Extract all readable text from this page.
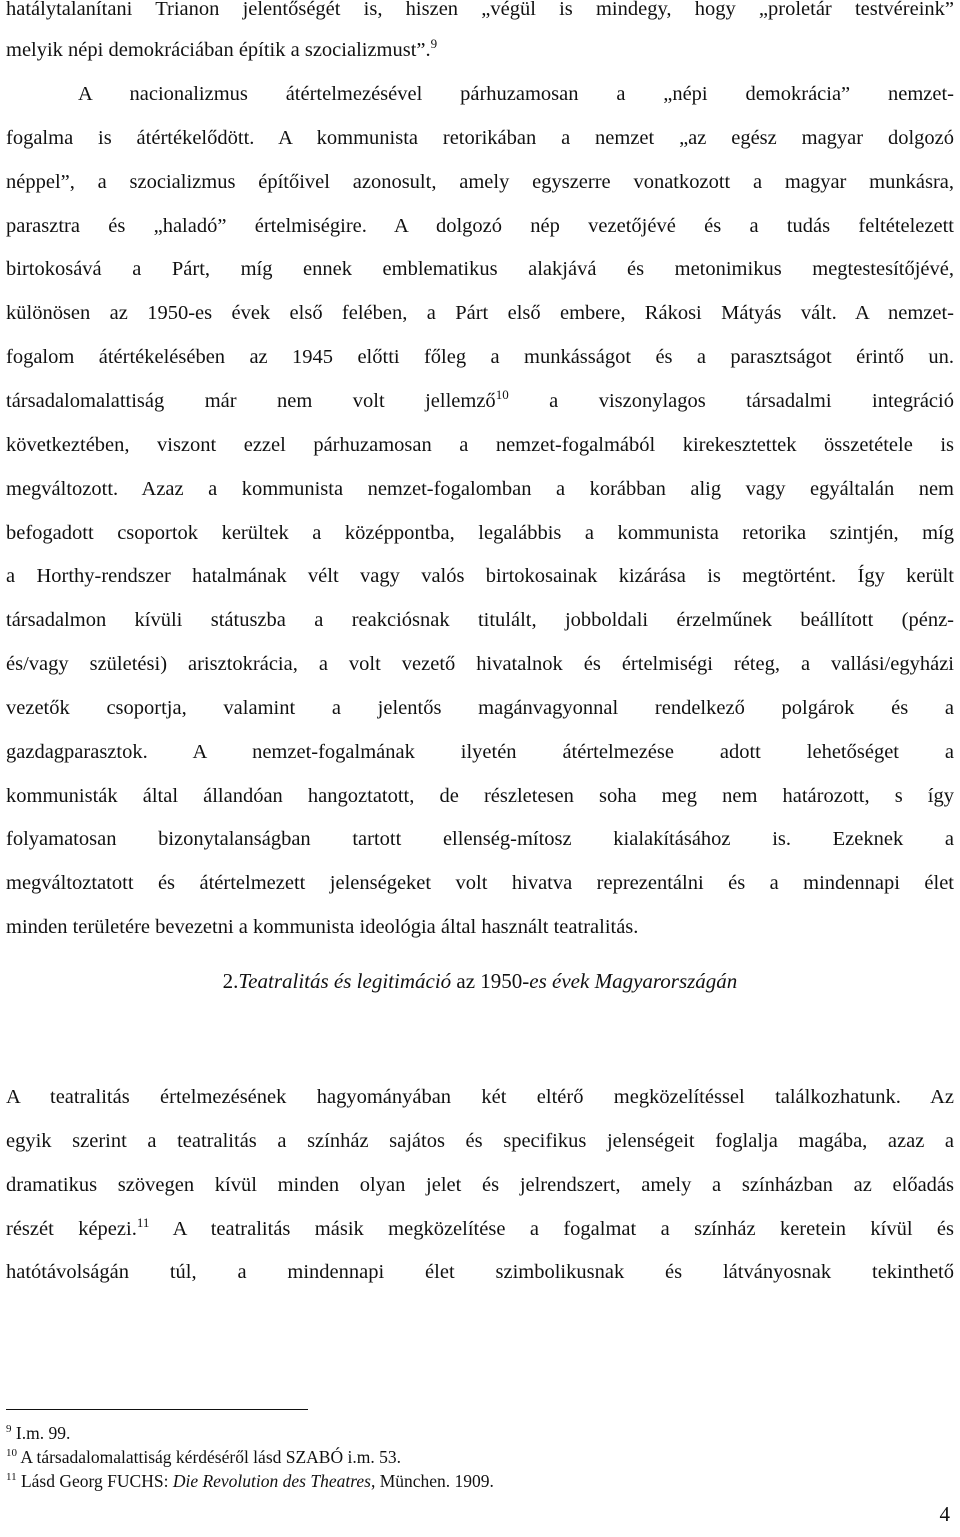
hatálytalanítani Trianon jelentőségét is, hiszen „végül is mindegy, hogy „proletár testvéreink”
melyik népi demokráciában építik a szocializmust”.$^9$
A nacionalizmus átértelmezésével párhuzamosan a „népi demokrácia” nemzet-
fogalma is átértékelődött. A kommunista retorikában a nemzet „az egész magyar dolgozó
néppel”, a szocializmus építőivel azonosult, amely egyszerre vonatkozott a magyar munkásra,
parasztra és „haladó” értelmiségire. A dolgozó nép vezetőjévé és a tudás feltételezett
birtokosává a Párt, míg ennek emblematikus alakjává és metonimikus megtestesítőjévé,
különösen az 1950-es évek első felében, a Párt első embere, Rákosi Mátyás vált. A nemzet-
fogalom átértékelésében az 1945 előtti főleg a munkásságot és a parasztságot érintő un.
társadalomalattiság már nem volt jellemző$^{10}$ a viszonylagos társadalmi integráció
következtében, viszont ezzel párhuzamosan a nemzet-fogalmából kirekesztettek összetétele is
megváltozott. Azaz a kommunista nemzet-fogalomban a korábban alig vagy egyáltalán nem
befogadott csoportok kerültek a középpontba, legalábbis a kommunista retorika szintjén, míg
a Horthy-rendszer hatalmának vélt vagy valós birtokosainak kizárása is megtörtént. Így került
társadalmon kívüli státuszba a reakciósnak titulált, jobboldali érzelműnek beállított (pénz-
és/vagy születési) arisztokrácia, a volt vezető hivatalnok és értelmiségi réteg, a vallási/egyházi
vezetők csoportja, valamint a jelentős magánvagyonnal rendelkező polgárok és a
gazdagparasztok. A nemzet-fogalmának ilyetén átértelmezése adott lehetőséget a
kommunisták által állandóan hangoztatott, de részletesen soha meg nem határozott, s így
folyamatosan bizonytalanságban tartott ellenség-mítosz kialakításához is. Ezeknek a
megváltoztatott és átértelmezett jelenségeket volt hivatva reprezentálni és a mindennapi élet
minden területére bevezetni a kommunista ideológia által használt teatralitás.
2.Teatralitás és legitimáció az 1950-es évek Magyarországán
A teatralitás értelmezésének hagyományában két eltérő megközelítéssel találkozhatunk. Az
egyik szerint a teatralitás a színház sajátos és specifikus jelenségeit foglalja magába, azaz a
dramatikus szövegen kívül minden olyan jelet és jelrendszert, amely a színházban az előadás
részét képezi.$^{11}$ A teatralitás másik megközelítése a fogalmat a színház keretein kívül és
hatótávolságán túl, a mindennapi élet szimbolikusnak és látványosnak tekinthető
$^9$ I.m. 99.
$^{10}$ A társadalomalattiság kérdéséről lásd SZABÓ i.m. 53.
$^{11}$ Lásd Georg FUCHS: Die Revolution des Theatres, München. 1909.
4
